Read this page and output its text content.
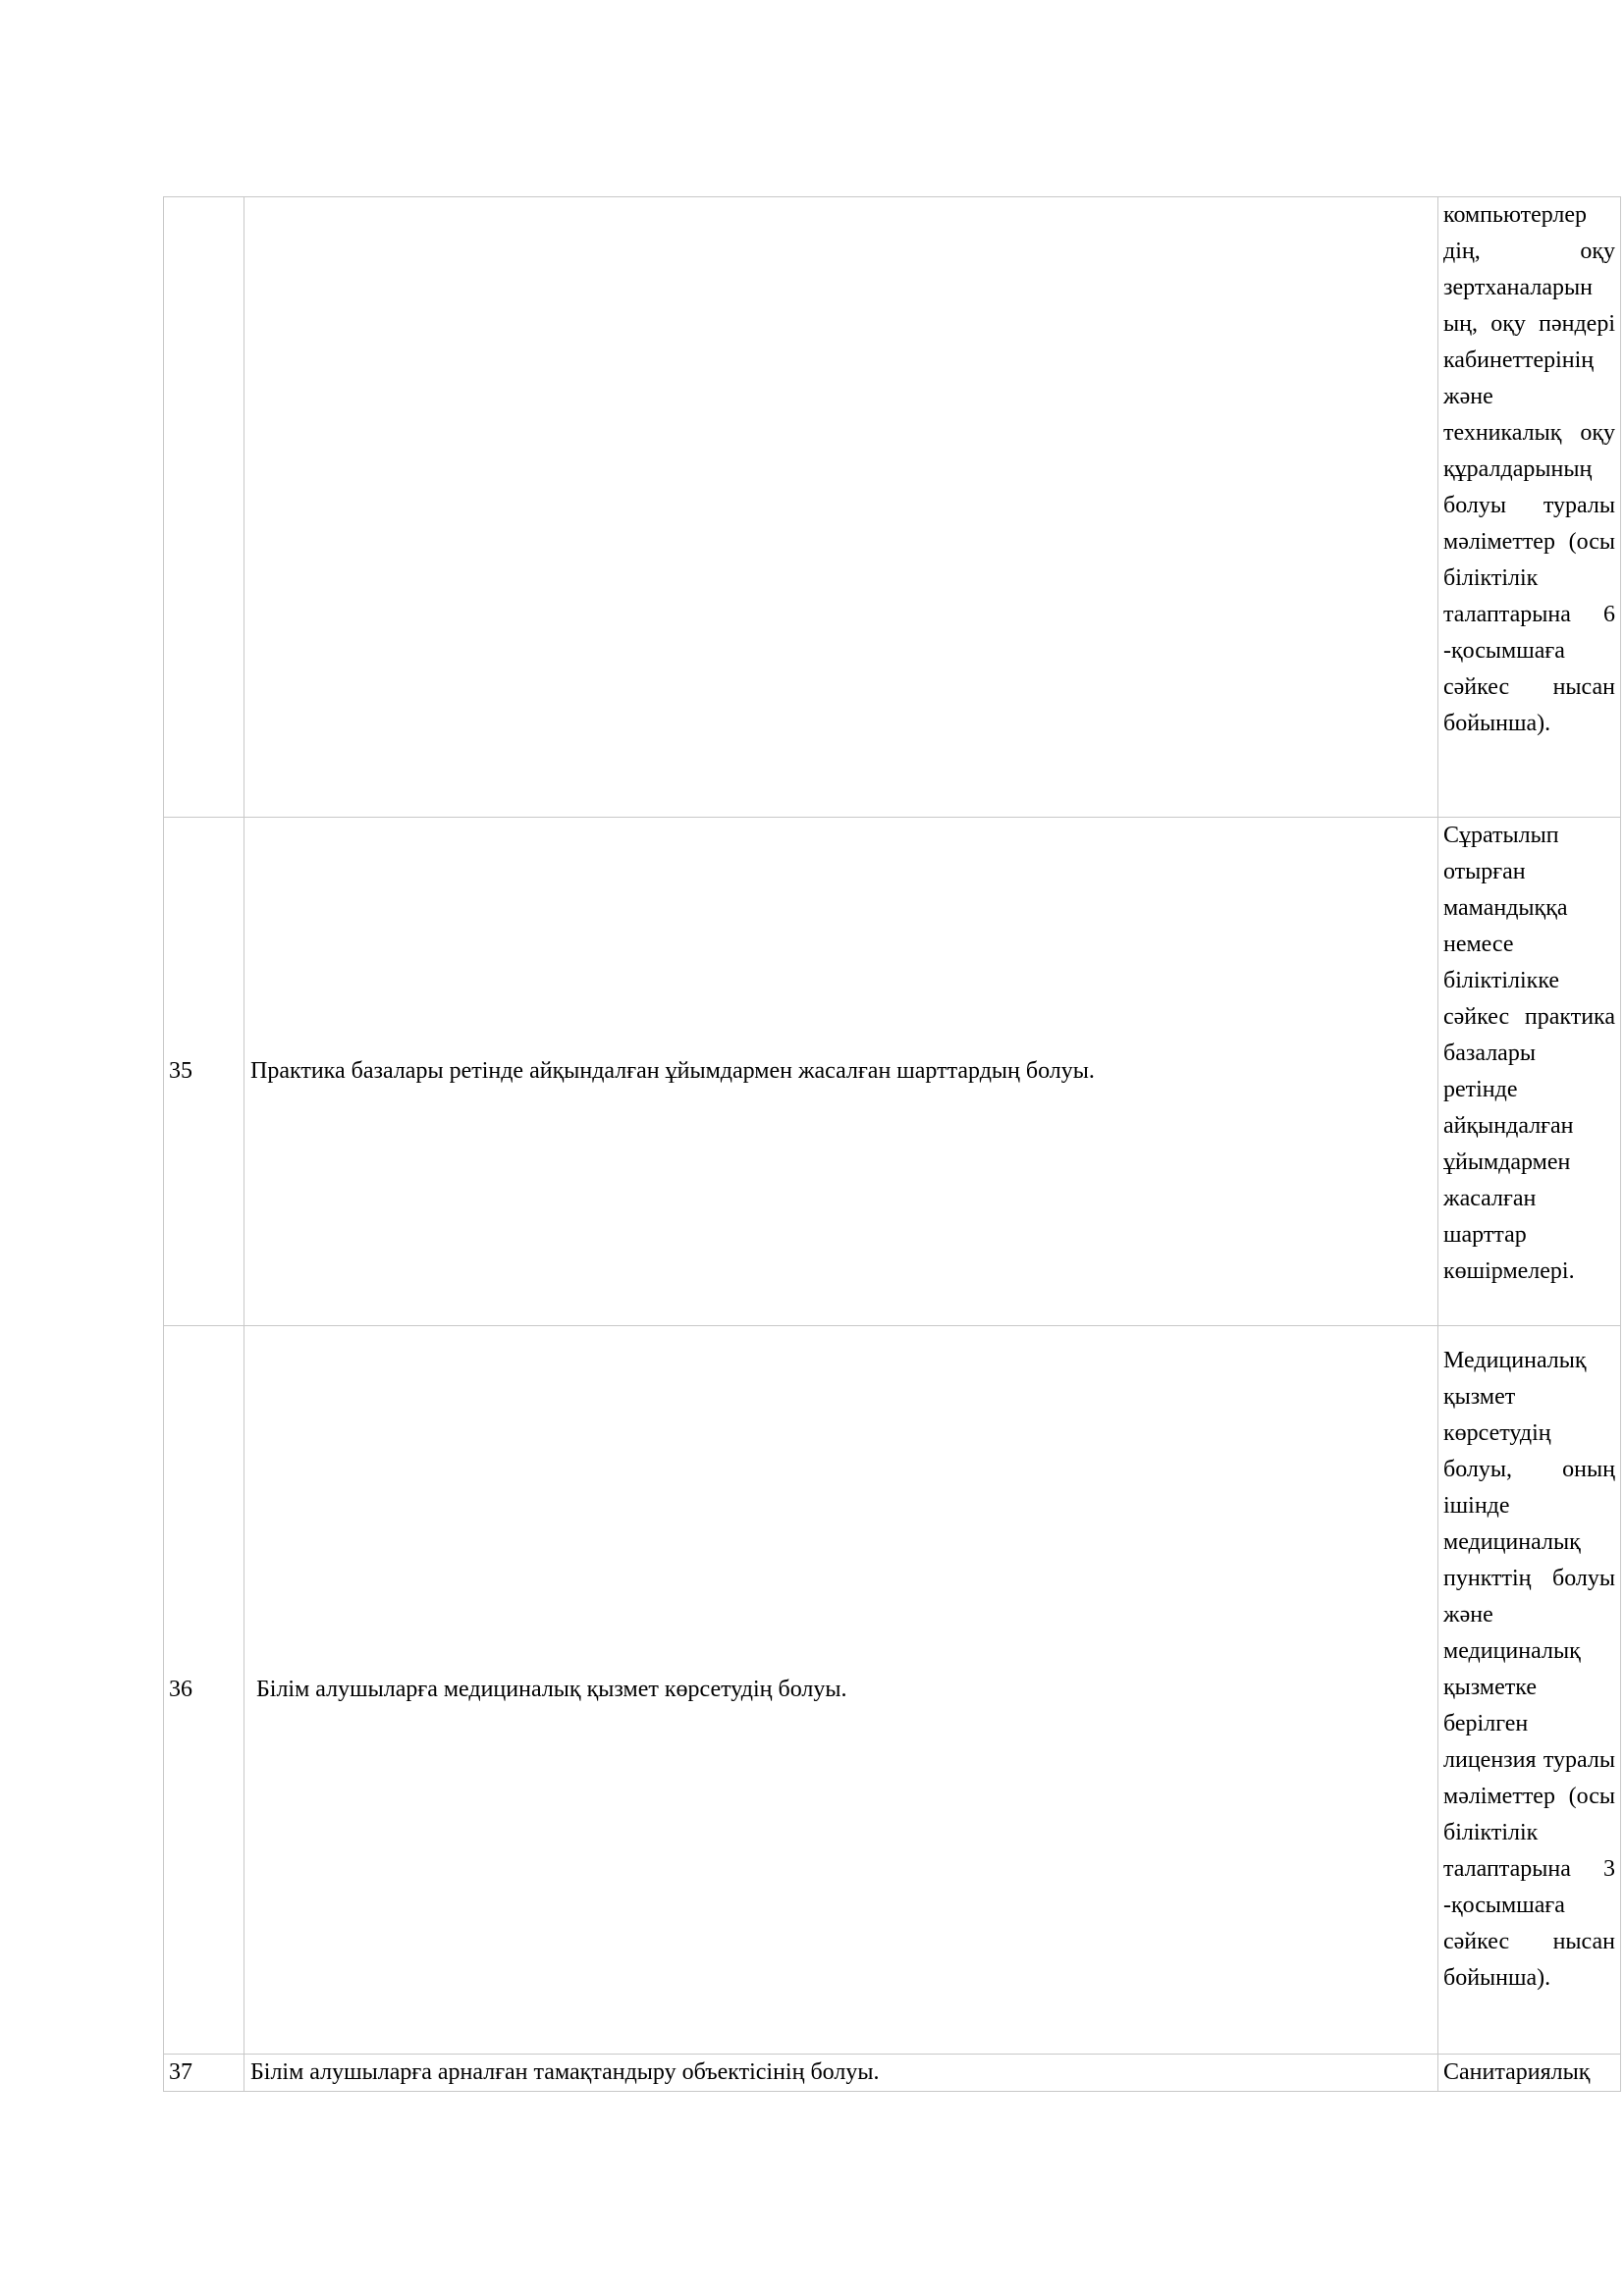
		компьютерлер дің, оқу зертханаларын ың, оқу пәндері кабинеттерінің және техникалық оқу құралдарының болуы туралы мәліметтер (осы біліктілік талаптарына 6 -қосымшаға сәйкес нысан бойынша).

35	Практика базалары ретінде айқындалған ұйымдармен жасалған шарттардың болуы.	Сұратылып отырған мамандыққа немесе біліктілікке сәйкес практика базалары ретінде айқындалған ұйымдармен жасалған шарттар көшірмелері.

36	Білім алушыларға медициналық қызмет көрсетудің болуы.	Медициналық қызмет көрсетудің болуы, оның ішінде медициналық пункттің болуы және медициналық қызметке берілген лицензия туралы мәліметтер (осы біліктілік талаптарына 3 -қосымшаға сәйкес нысан бойынша).

37	Білім алушыларға арналған тамақтандыру объектісінің болуы.	Санитариялық
